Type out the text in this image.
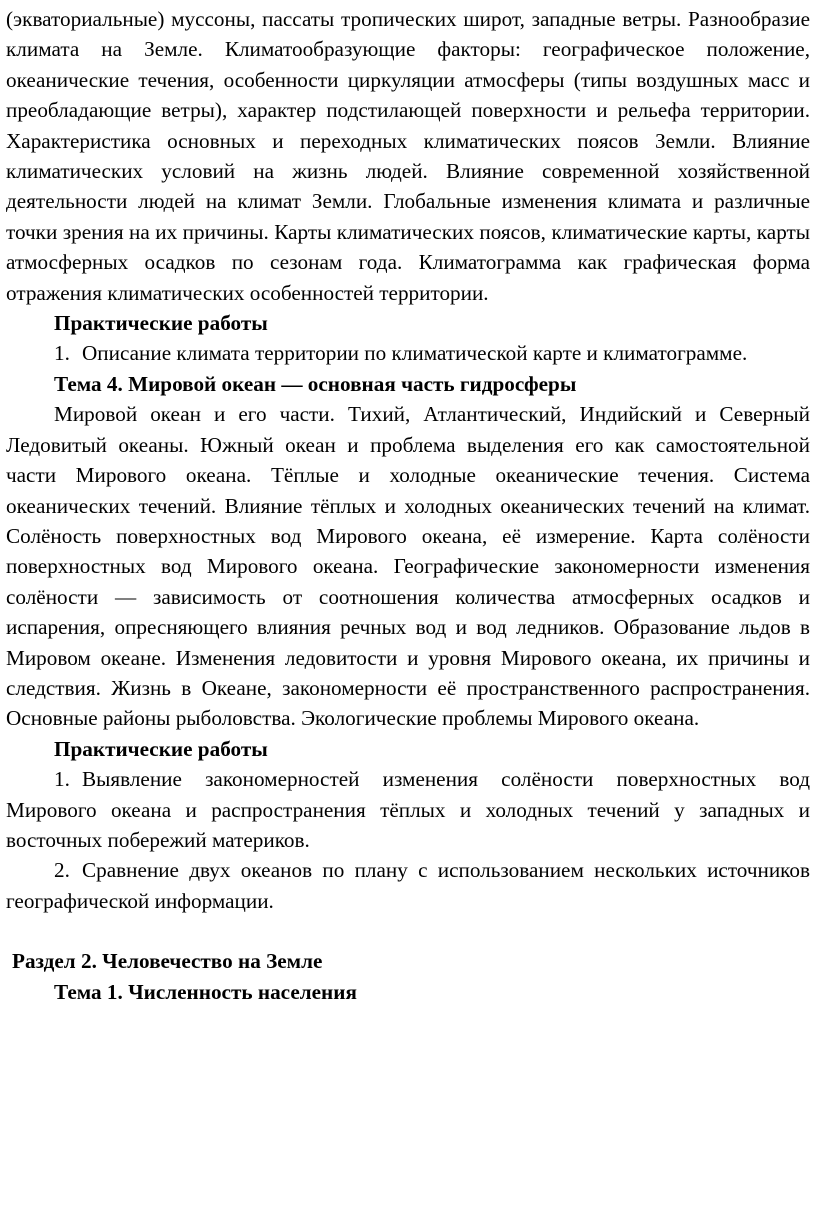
(экваториальные) муссоны, пассаты тропических широт, западные ветры. Разнообразие климата на Земле. Климатообразующие факторы: географическое положение, океанические течения, особенности циркуляции атмосферы (типы воздушных масс и преобладающие ветры), характер подстилающей поверхности и рельефа территории. Характеристика основных и переходных климатических поясов Земли. Влияние климатических условий на жизнь людей. Влияние современной хозяйственной деятельности людей на климат Земли. Глобальные изменения климата и различные точки зрения на их причины. Карты климатических поясов, климатические карты, карты атмосферных осадков по сезонам года. Климатограмма как графическая форма отражения климатических особенностей территории.

Практические работы

1. Описание климата территории по климатической карте и климатограмме.

Тема 4. Мировой океан — основная часть гидросферы

Мировой океан и его части. Тихий, Атлантический, Индийский и Северный Ледовитый океаны. Южный океан и проблема выделения его как самостоятельной части Мирового океана. Тёплые и холодные океанические течения. Система океанических течений. Влияние тёплых и холодных океанических течений на климат. Солёность поверхностных вод Мирового океана, её измерение. Карта солёности поверхностных вод Мирового океана. Географические закономерности изменения солёности — зависимость от соотношения количества атмосферных осадков и испарения, опресняющего влияния речных вод и вод ледников. Образование льдов в Мировом океане. Изменения ледовитости и уровня Мирового океана, их причины и следствия. Жизнь в Океане, закономерности её пространственного распространения. Основные районы рыболовства. Экологические проблемы Мирового океана.

Практические работы

1. Выявление закономерностей изменения солёности поверхностных вод Мирового океана и распространения тёплых и холодных течений у западных и восточных побережий материков.

2. Сравнение двух океанов по плану с использованием нескольких источников географической информации.

Раздел 2. Человечество на Земле

Тема 1. Численность населения
